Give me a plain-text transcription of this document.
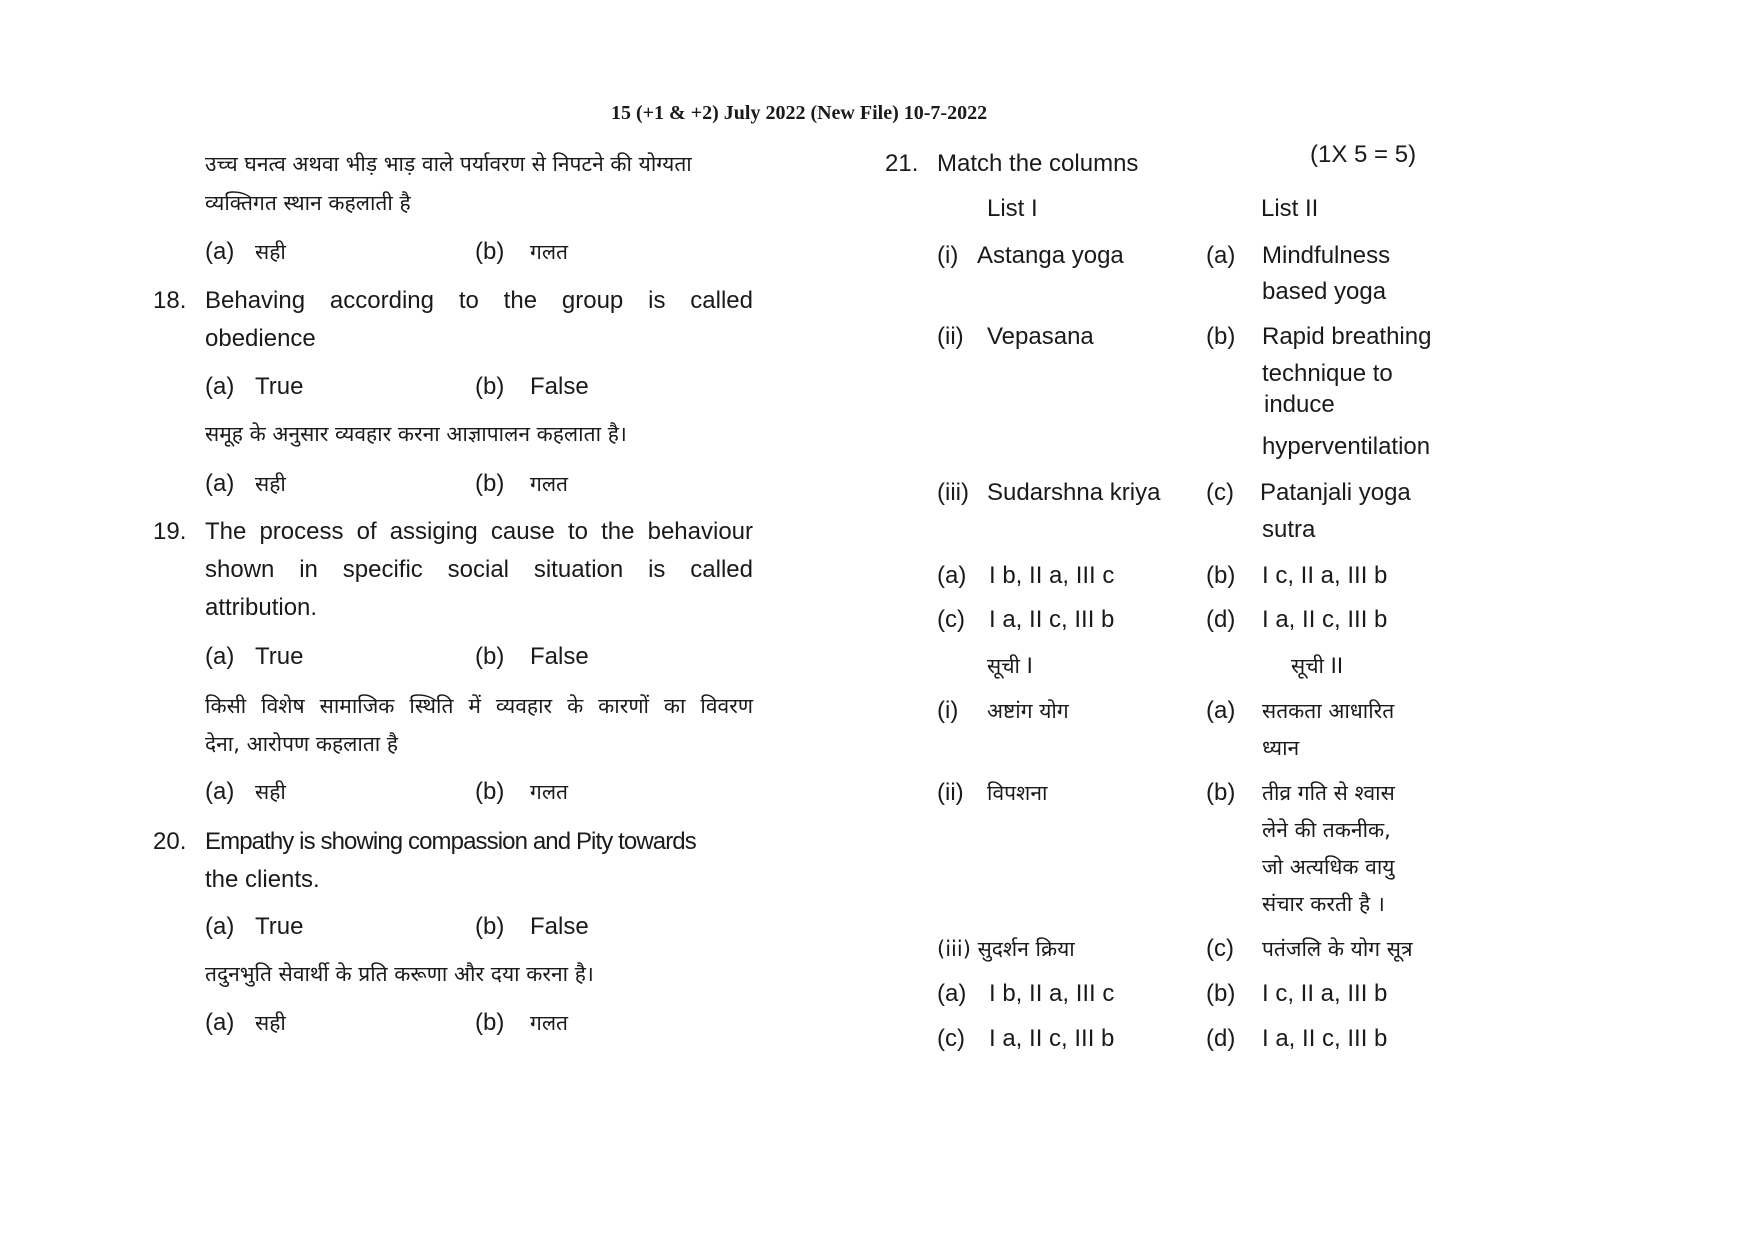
15 (+1 & +2) July 2022 (New File) 10-7-2022
उच्च घनत्व अथवा भीड़ भाड़ वाले पर्यावरण से निपटने की योग्यता
व्यक्तिगत स्थान कहलाती है
(a) सही	(b) गलत
18. Behaving according to the group is called
obedience
(a) True	(b) False
समूह के अनुसार व्यवहार करना आज्ञापालन कहलाता है।
(a) सही	(b) गलत
19. The process of assiging cause to the behaviour
shown in specific social situation is called
attribution.
(a) True	(b) False
किसी विशेष सामाजिक स्थिति में व्यवहार के कारणों का विवरण
देना, आरोपण कहलाता है
(a) सही	(b) गलत
20. Empathy is showing compassion and Pity towards
the clients.
(a) True	(b) False
तदुनभुति सेवार्थी के प्रति करूणा और दया करना है।
(a) सही	(b) गलत
21. Match the columns	(1X 5 = 5)
List I	List II
(i) Astanga yoga	(a) Mindfulness
based yoga
(ii) Vepasana	(b) Rapid breathing
technique to
induce
hyperventilation
(iii) Sudarshna kriya (c) Patanjali yoga
sutra
(a) I b, II a, III c	(b) I c, II a, III b
(c) I a, II c, III b	(d) I a, II c, III b
सूची I	सूची II
(i) अष्टांग योग	(a) सतकता आधारित
ध्यान
(ii) विपशना	(b) तीव्र गति से श्वास
लेने की तकनीक,
जो अत्यधिक वायु
संचार करती है ।
(iii) सुदर्शन क्रिया	(c) पतंजलि के योग सूत्र
(a) I b, II a, III c	(b) I c, II a, III b
(c) I a, II c, III b	(d) I a, II c, III b
